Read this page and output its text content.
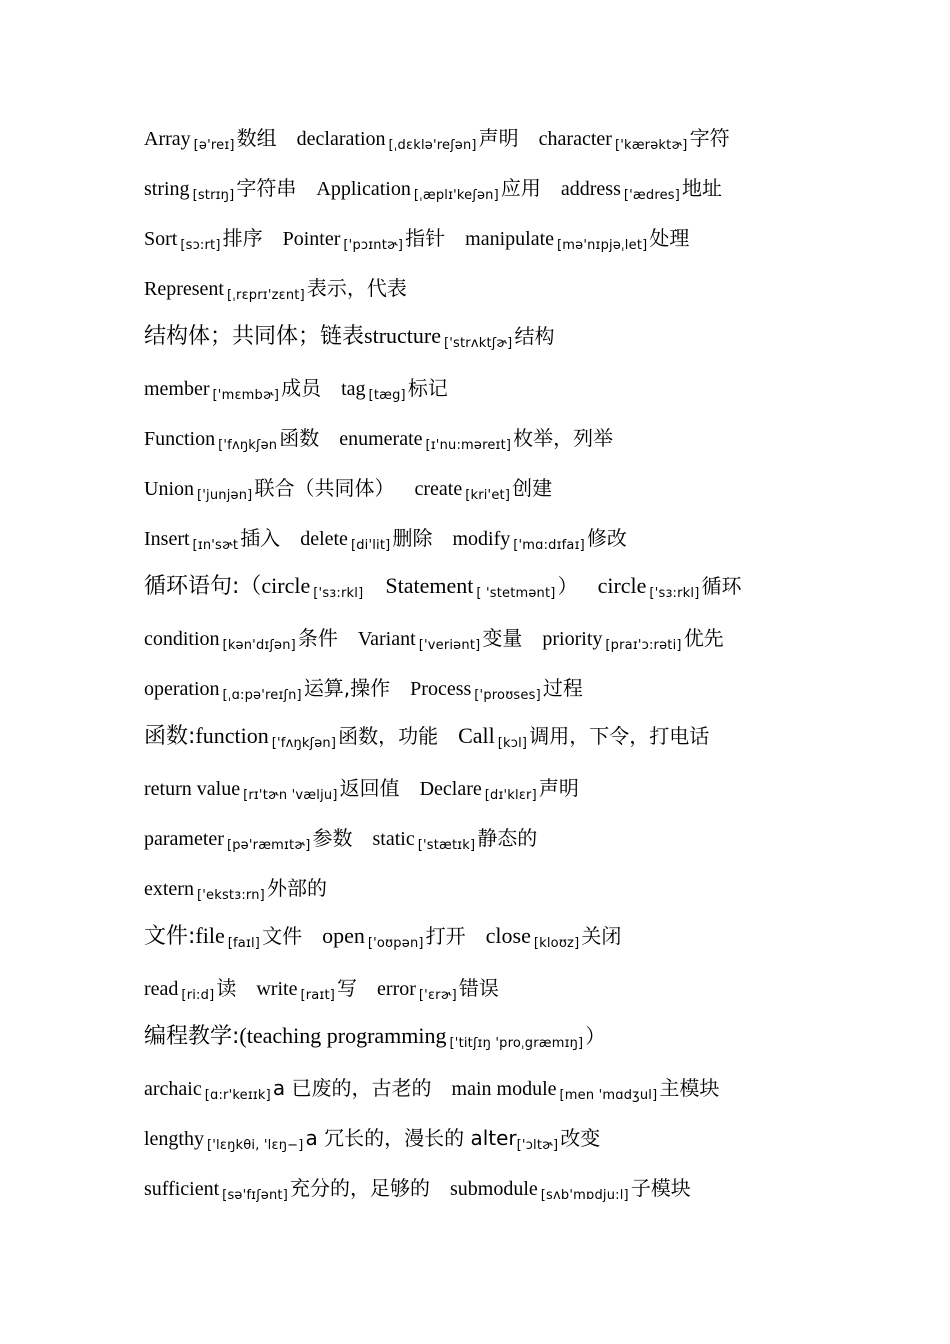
Array $_{[ə'reɪ]}$ 数组 declaration $_{[ˌdɛklə'reʃən]}$ 声明 character $_{['kærəktɚ]}$ 字符
string $_{[strɪŋ]}$ 字符串 Application $_{[ˌæplɪ'keʃən]}$ 应用 address $_{['ædres]}$ 地址
Sort $_{[sɔ:rt]}$ 排序 Pointer $_{['pɔɪntɚ]}$ 指针 manipulate $_{[mə'nɪpjəˌlet]}$ 处理
Represent $_{[ˌrɛprɪ'zɛnt]}$ 表示，代表
结构体；共同体；链表structure ['strʌktʃɚ] 结构
member $_{['mɛmbɚ]}$ 成员 tag $_{[tæg]}$ 标记
Function $_{['fʌŋkʃən}$ 函数 enumerate $_{[ɪ'nu:məreɪt]}$ 枚举，列举
Union $_{['junjən]}$ 联合（共同体） create $_{[kri'et]}$ 创建
Insert $_{[ɪn'sɚt}$ 插入 delete $_{[di'lit]}$ 删除 modify $_{['mɑ:dɪfaɪ]}$ 修改
循环语句:（circle ['sɜ:rkl] Statement [ 'stetmənt] ） circle ['sɜ:rkl] 循环
condition $_{[kən'dɪʃən]}$ 条件 Variant $_{['veriənt]}$ 变量 priority $_{[praɪ'ɔ:rəti]}$ 优先
operation $_{[ˌɑ:pə'reɪʃn]}$ 运算,操作 Process $_{['proʊses]}$ 过程
函数:function ['fʌŋkʃən] 函数，功能 Call [kɔl] 调用，下令，打电话
return value $_{[rɪ'tɚn 'vælju]}$ 返回值 Declare $_{[dɪ'klɛr]}$ 声明
parameter $_{[pə'ræmɪtɚ]}$ 参数 static $_{['stætɪk]}$ 静态的
extern $_{['ekstɜ:rn]}$ 外部的
文件:file [faɪl] 文件 open ['oʊpən] 打开 close [kloʊz] 关闭
read $_{[ri:d]}$ 读 write $_{[raɪt]}$ 写 error $_{['ɛrɚ]}$ 错误
编程教学:(teaching programming ['titʃɪŋ 'proˌgræmɪŋ] ）
archaic $_{[ɑ:r'keɪɪk]}$ a 已废的，古老的 main module $_{[men 'mɑdʒul]}$ 主模块
lengthy $_{['lɛŋk\theta i, 'lɛŋ-]}$ a 冗长的，漫长的 alter$_{['ɔltɚ]}$ 改变
sufficient $_{[sə'fɪʃənt]}$ 充分的，足够的 submodule $_{[sʌb'mɒdju:l]}$ 子模块
